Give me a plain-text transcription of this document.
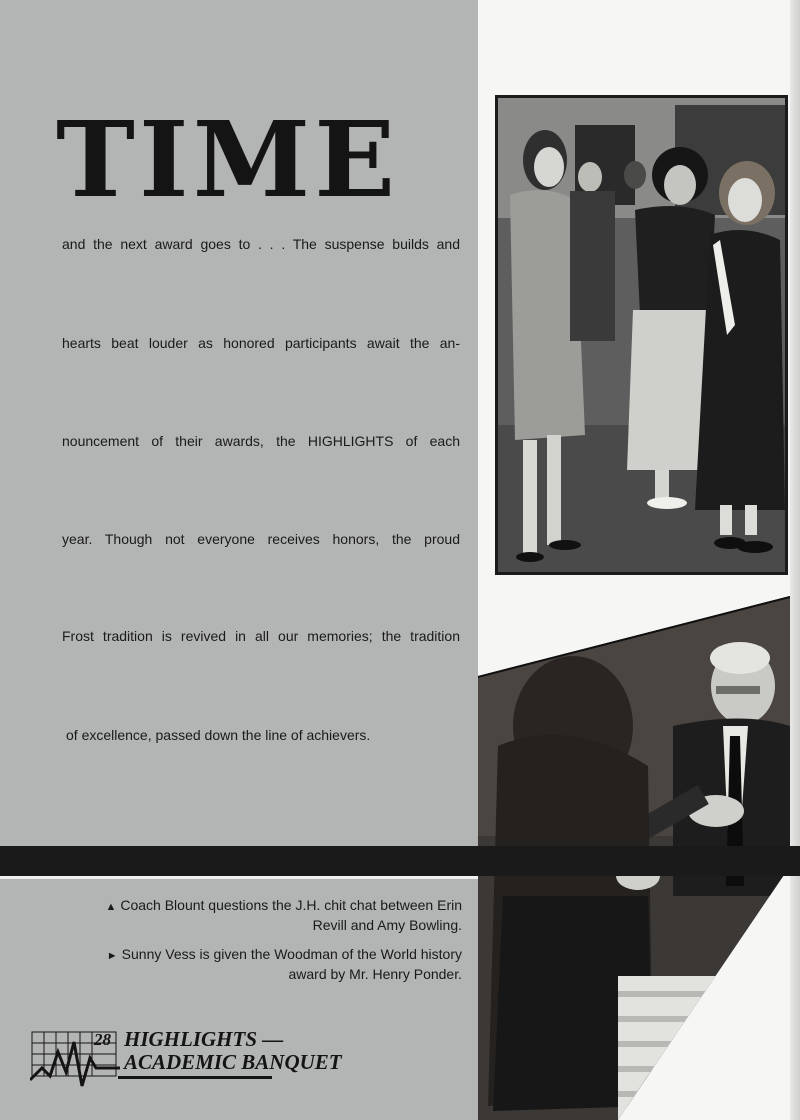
TIME
and the next award goes to . . . The suspense builds and
hearts beat louder as honored participants await the an-
nouncement of their awards, the HIGHLIGHTS of each
year. Though not everyone receives honors, the proud
Frost tradition is revived in all our memories; the tradition
of excellence, passed down the line of achievers.
▲ Coach Blount questions the J.H. chit chat between Erin
Revill and Amy Bowling.
► Sunny Vess is given the Woodman of the World history
award by Mr. Henry Ponder.
28 HIGHLIGHTS —
ACADEMIC BANQUET
